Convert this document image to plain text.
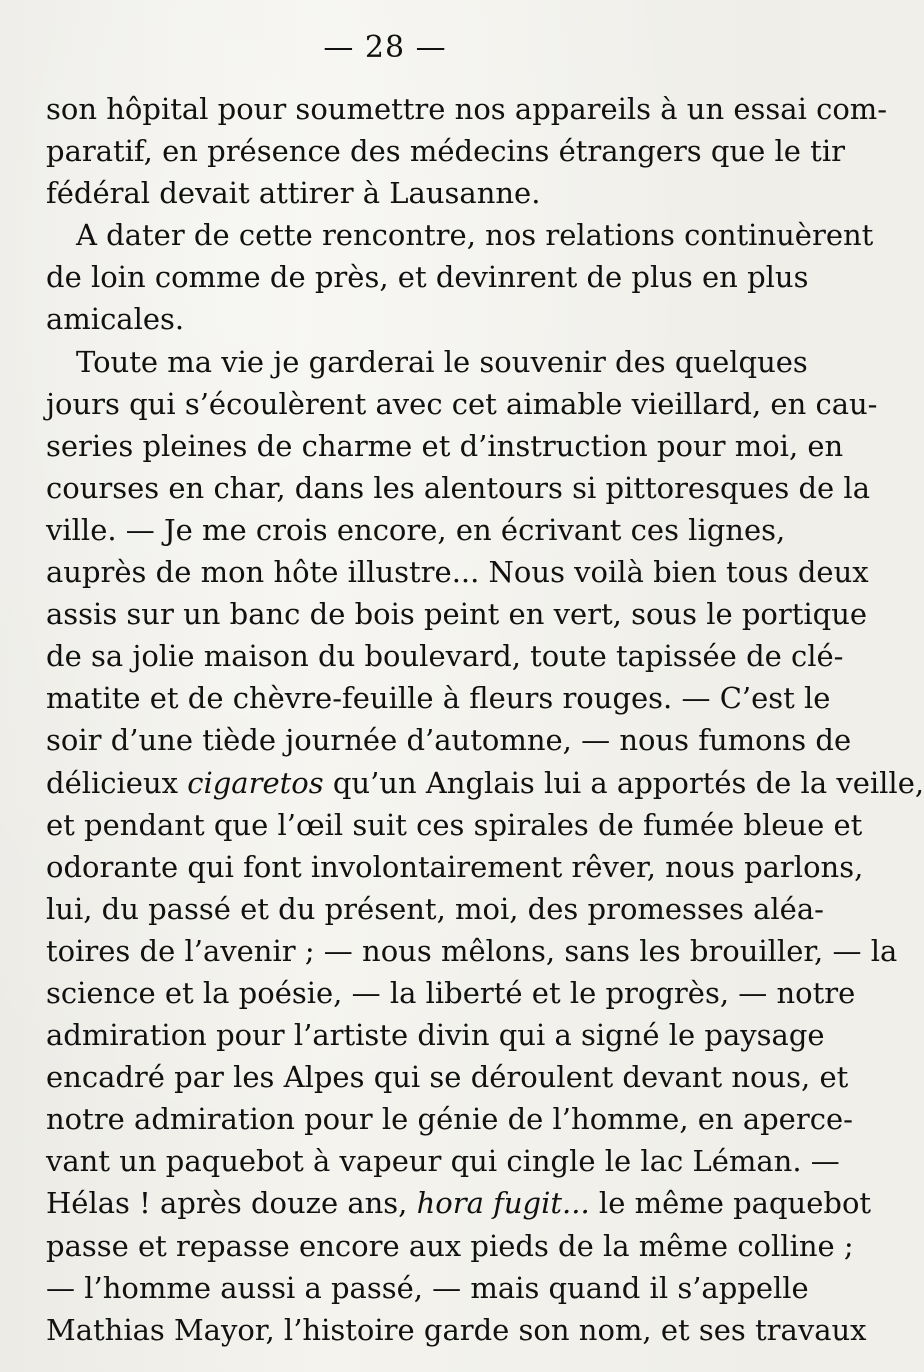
— 28 —
son hôpital pour soumettre nos appareils à un essai com-
paratif, en présence des médecins étrangers que le tir
fédéral devait attirer à Lausanne.
A dater de cette rencontre, nos relations continuèrent
de loin comme de près, et devinrent de plus en plus
amicales.
Toute ma vie je garderai le souvenir des quelques
jours qui s’écoulèrent avec cet aimable vieillard, en cau-
series pleines de charme et d’instruction pour moi, en
courses en char, dans les alentours si pittoresques de la
ville. — Je me crois encore, en écrivant ces lignes,
auprès de mon hôte illustre... Nous voilà bien tous deux
assis sur un banc de bois peint en vert, sous le portique
de sa jolie maison du boulevard, toute tapissée de clé-
matite et de chèvre-feuille à fleurs rouges. — C’est le
soir d’une tiède journée d’automne, — nous fumons de
délicieux cigaretos qu’un Anglais lui a apportés de la veille,
et pendant que l’œil suit ces spirales de fumée bleue et
odorante qui font involontairement rêver, nous parlons,
lui, du passé et du présent, moi, des promesses aléa-
toires de l’avenir ; — nous mêlons, sans les brouiller, — la
science et la poésie, — la liberté et le progrès, — notre
admiration pour l’artiste divin qui a signé le paysage
encadré par les Alpes qui se déroulent devant nous, et
notre admiration pour le génie de l’homme, en aperce-
vant un paquebot à vapeur qui cingle le lac Léman. —
Hélas ! après douze ans, hora fugit... le même paquebot
passe et repasse encore aux pieds de la même colline ;
— l’homme aussi a passé, — mais quand il s’appelle
Mathias Mayor, l’histoire garde son nom, et ses travaux
